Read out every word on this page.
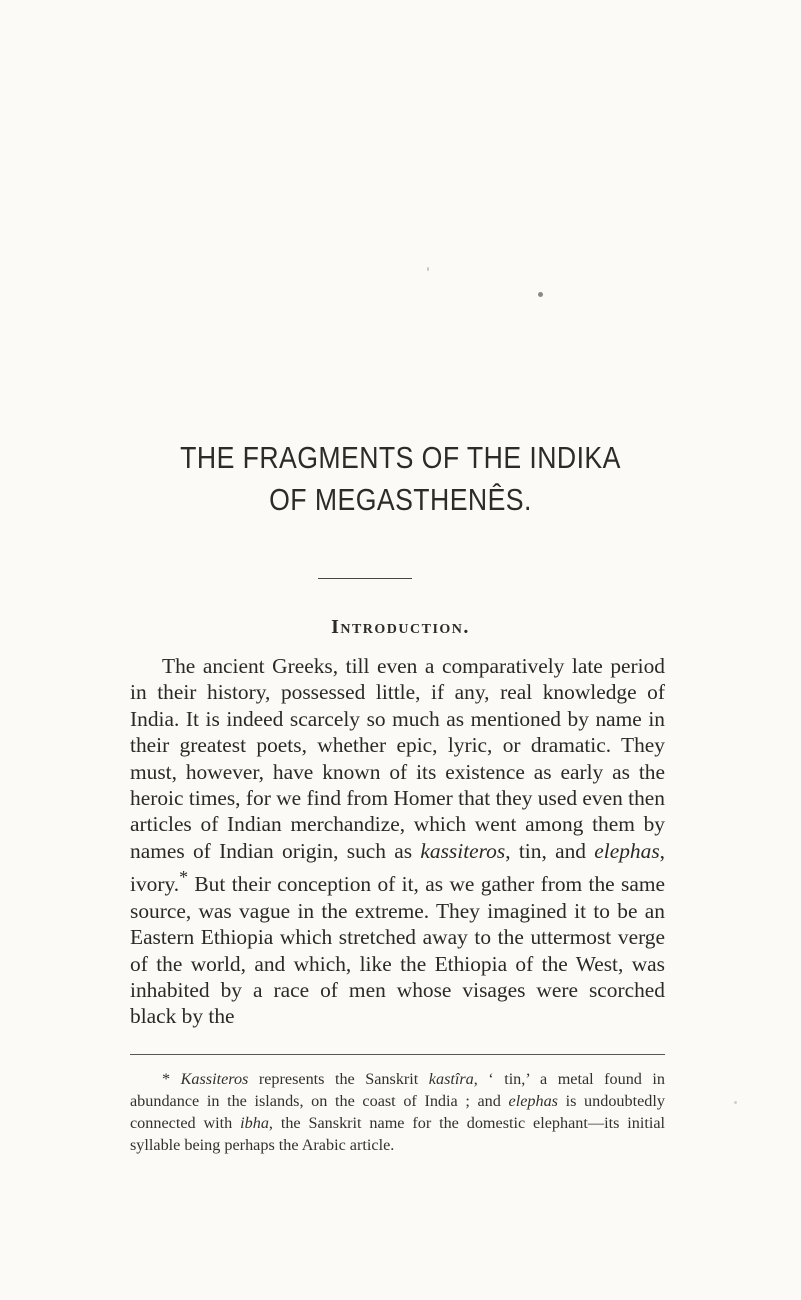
THE FRAGMENTS OF THE INDIKA
OF MEGASTHENÊS.
Introduction.

The ancient Greeks, till even a comparatively late period in their history, possessed little, if any, real knowledge of India. It is indeed scarcely so much as mentioned by name in their greatest poets, whether epic, lyric, or dramatic. They must, however, have known of its existence as early as the heroic times, for we find from Homer that they used even then articles of Indian merchandize, which went among them by names of Indian origin, such as kassiteros, tin, and elephas, ivory.* But their conception of it, as we gather from the same source, was vague in the extreme. They imagined it to be an Eastern Ethiopia which stretched away to the uttermost verge of the world, and which, like the Ethiopia of the West, was inhabited by a race of men whose visages were scorched black by the

* Kassiteros represents the Sanskrit kastîra, ‘ tin,’ a metal found in abundance in the islands, on the coast of India ; and elephas is undoubtedly connected with ibha, the Sanskrit name for the domestic elephant—its initial syllable being perhaps the Arabic article.
